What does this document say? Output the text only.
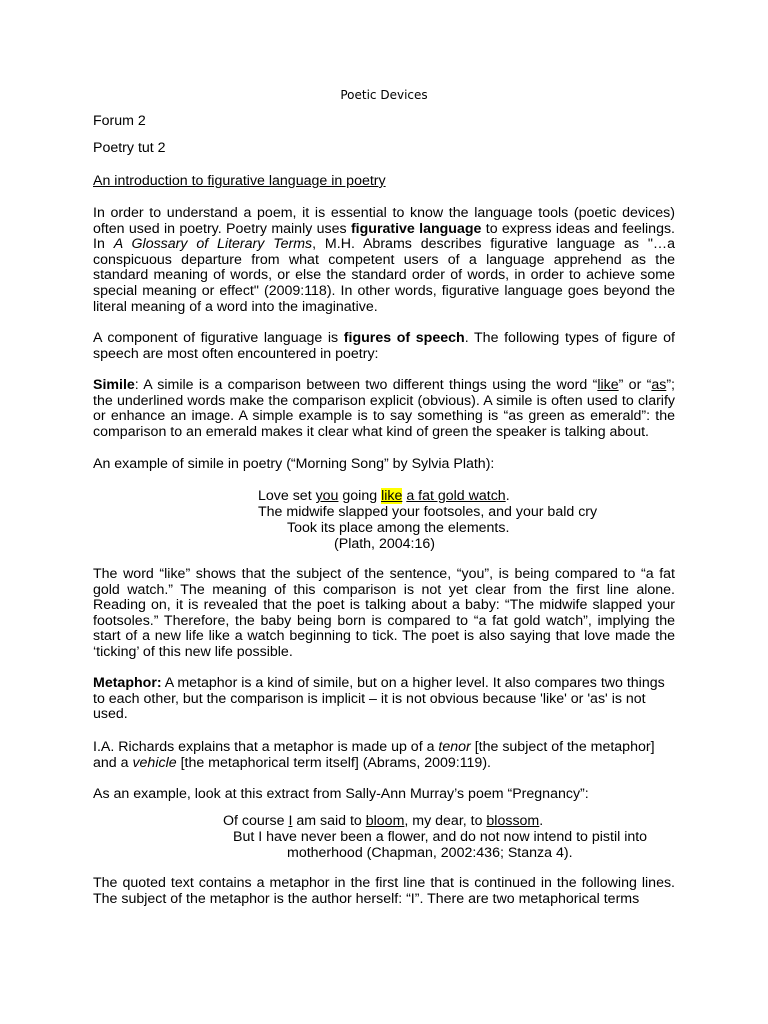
Poetic Devices

Forum 2

Poetry tut 2

An introduction to figurative language in poetry

In order to understand a poem, it is essential to know the language tools (poetic devices) often used in poetry. Poetry mainly uses figurative language to express ideas and feelings. In A Glossary of Literary Terms, M.H. Abrams describes figurative language as "…a conspicuous departure from what competent users of a language apprehend as the standard meaning of words, or else the standard order of words, in order to achieve some special meaning or effect" (2009:118). In other words, figurative language goes beyond the literal meaning of a word into the imaginative.

A component of figurative language is figures of speech. The following types of figure of speech are most often encountered in poetry:

Simile: A simile is a comparison between two different things using the word “like” or “as”; the underlined words make the comparison explicit (obvious). A simile is often used to clarify or enhance an image. A simple example is to say something is “as green as emerald”: the comparison to an emerald makes it clear what kind of green the speaker is talking about.

An example of simile in poetry (“Morning Song” by Sylvia Plath):

Love set you going like a fat gold watch.

The midwife slapped your footsoles, and your bald cry

Took its place among the elements.

(Plath, 2004:16)

The word “like” shows that the subject of the sentence, “you”, is being compared to “a fat gold watch.” The meaning of this comparison is not yet clear from the first line alone. Reading on, it is revealed that the poet is talking about a baby: “The midwife slapped your footsoles.” Therefore, the baby being born is compared to “a fat gold watch”, implying the start of a new life like a watch beginning to tick. The poet is also saying that love made the ‘ticking’ of this new life possible.

Metaphor: A metaphor is a kind of simile, but on a higher level. It also compares two things to each other, but the comparison is implicit – it is not obvious because 'like' or 'as' is not used.

I.A. Richards explains that a metaphor is made up of a tenor [the subject of the metaphor] and a vehicle [the metaphorical term itself] (Abrams, 2009:119).

As an example, look at this extract from Sally-Ann Murray’s poem “Pregnancy”:

Of course I am said to bloom, my dear, to blossom.

But I have never been a flower, and do not now intend to pistil into

motherhood (Chapman, 2002:436; Stanza 4).

The quoted text contains a metaphor in the first line that is continued in the following lines. The subject of the metaphor is the author herself: “I”. There are two metaphorical terms
